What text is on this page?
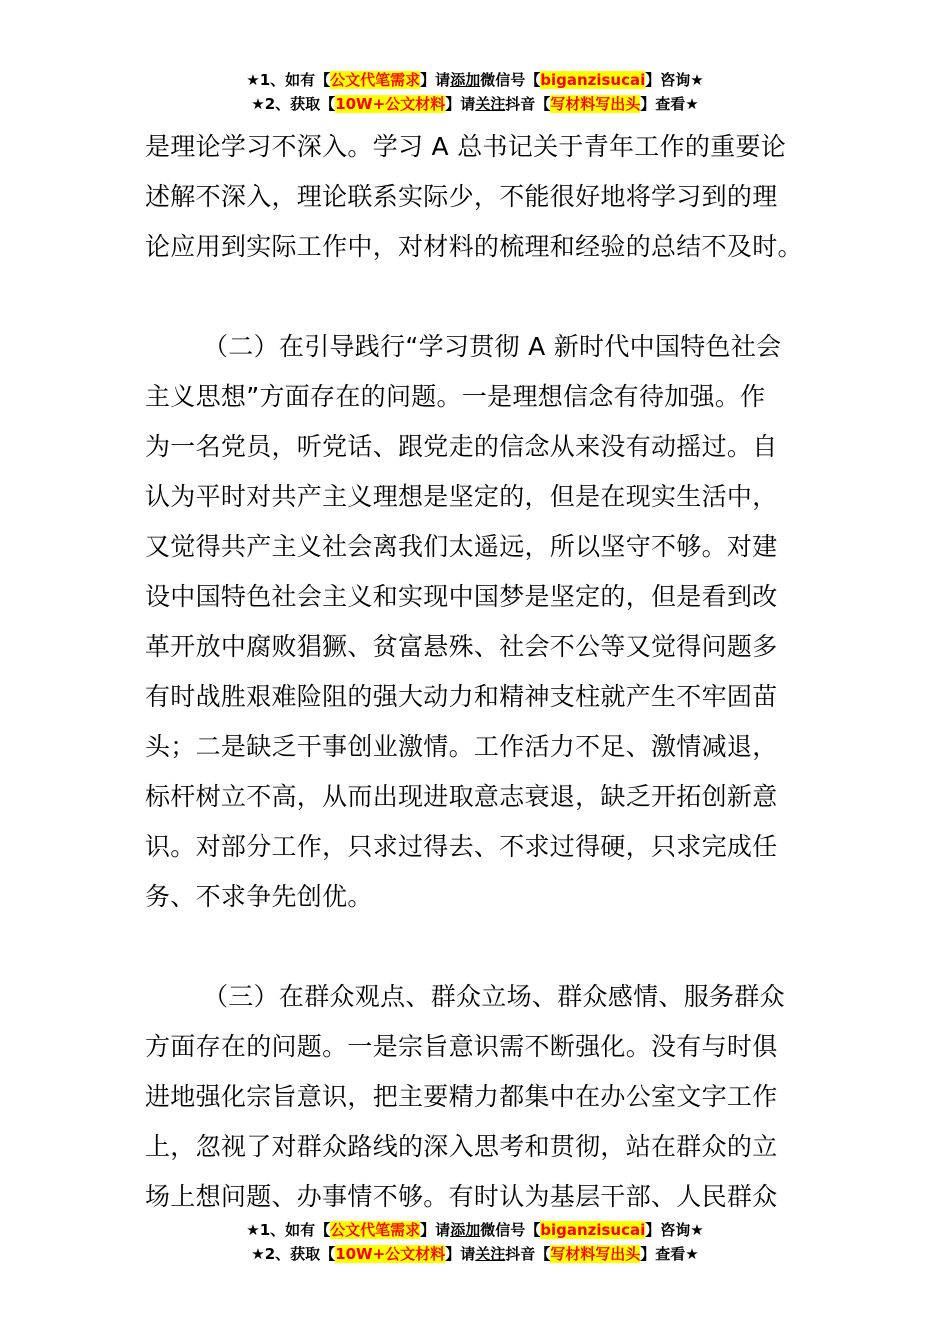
★1、如有【公文代笔需求】请添加微信号【biganzisucai】咨询★
★2、获取【10W+公文材料】请关注抖音【写材料写出头】查看★
是理论学习不深入。学习 A 总书记关于青年工作的重要论
述解不深入，理论联系实际少，不能很好地将学习到的理
论应用到实际工作中，对材料的梳理和经验的总结不及时。
（二）在引导践行“学习贯彻 A 新时代中国特色社会
主义思想”方面存在的问题。一是理想信念有待加强。作
为一名党员，听党话、跟党走的信念从来没有动摇过。自
认为平时对共产主义理想是坚定的，但是在现实生活中，
又觉得共产主义社会离我们太遥远，所以坚守不够。对建
设中国特色社会主义和实现中国梦是坚定的，但是看到改
革开放中腐败猖獗、贫富悬殊、社会不公等又觉得问题多
有时战胜艰难险阻的强大动力和精神支柱就产生不牢固苗
头；二是缺乏干事创业激情。工作活力不足、激情减退，
标杆树立不高，从而出现进取意志衰退，缺乏开拓创新意
识。对部分工作，只求过得去、不求过得硬，只求完成任
务、不求争先创优。
（三）在群众观点、群众立场、群众感情、服务群众
方面存在的问题。一是宗旨意识需不断强化。没有与时俱
进地强化宗旨意识，把主要精力都集中在办公室文字工作
上，忽视了对群众路线的深入思考和贯彻，站在群众的立
场上想问题、办事情不够。有时认为基层干部、人民群众
★1、如有【公文代笔需求】请添加微信号【biganzisucai】咨询★
★2、获取【10W+公文材料】请关注抖音【写材料写出头】查看★
